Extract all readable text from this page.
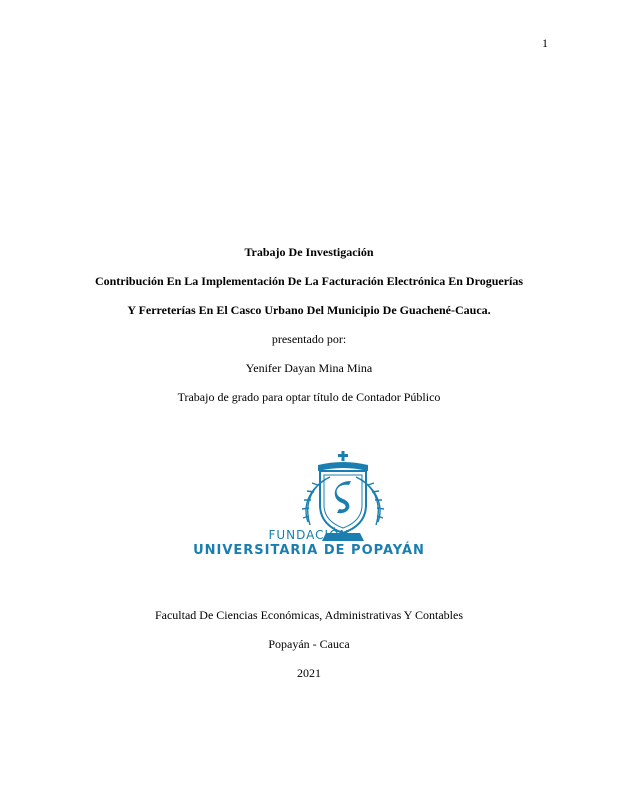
1
Trabajo De Investigación
Contribución En La Implementación De La Facturación Electrónica En Droguerías
Y Ferreterías En El Casco Urbano Del Municipio De Guachené-Cauca.
presentado por:
Yenifer Dayan Mina Mina
Trabajo de grado para optar título de Contador Público
FUNDACIÓN
UNIVERSITARIA DE POPAYÁN
Facultad De Ciencias Económicas, Administrativas Y Contables
Popayán - Cauca
2021
